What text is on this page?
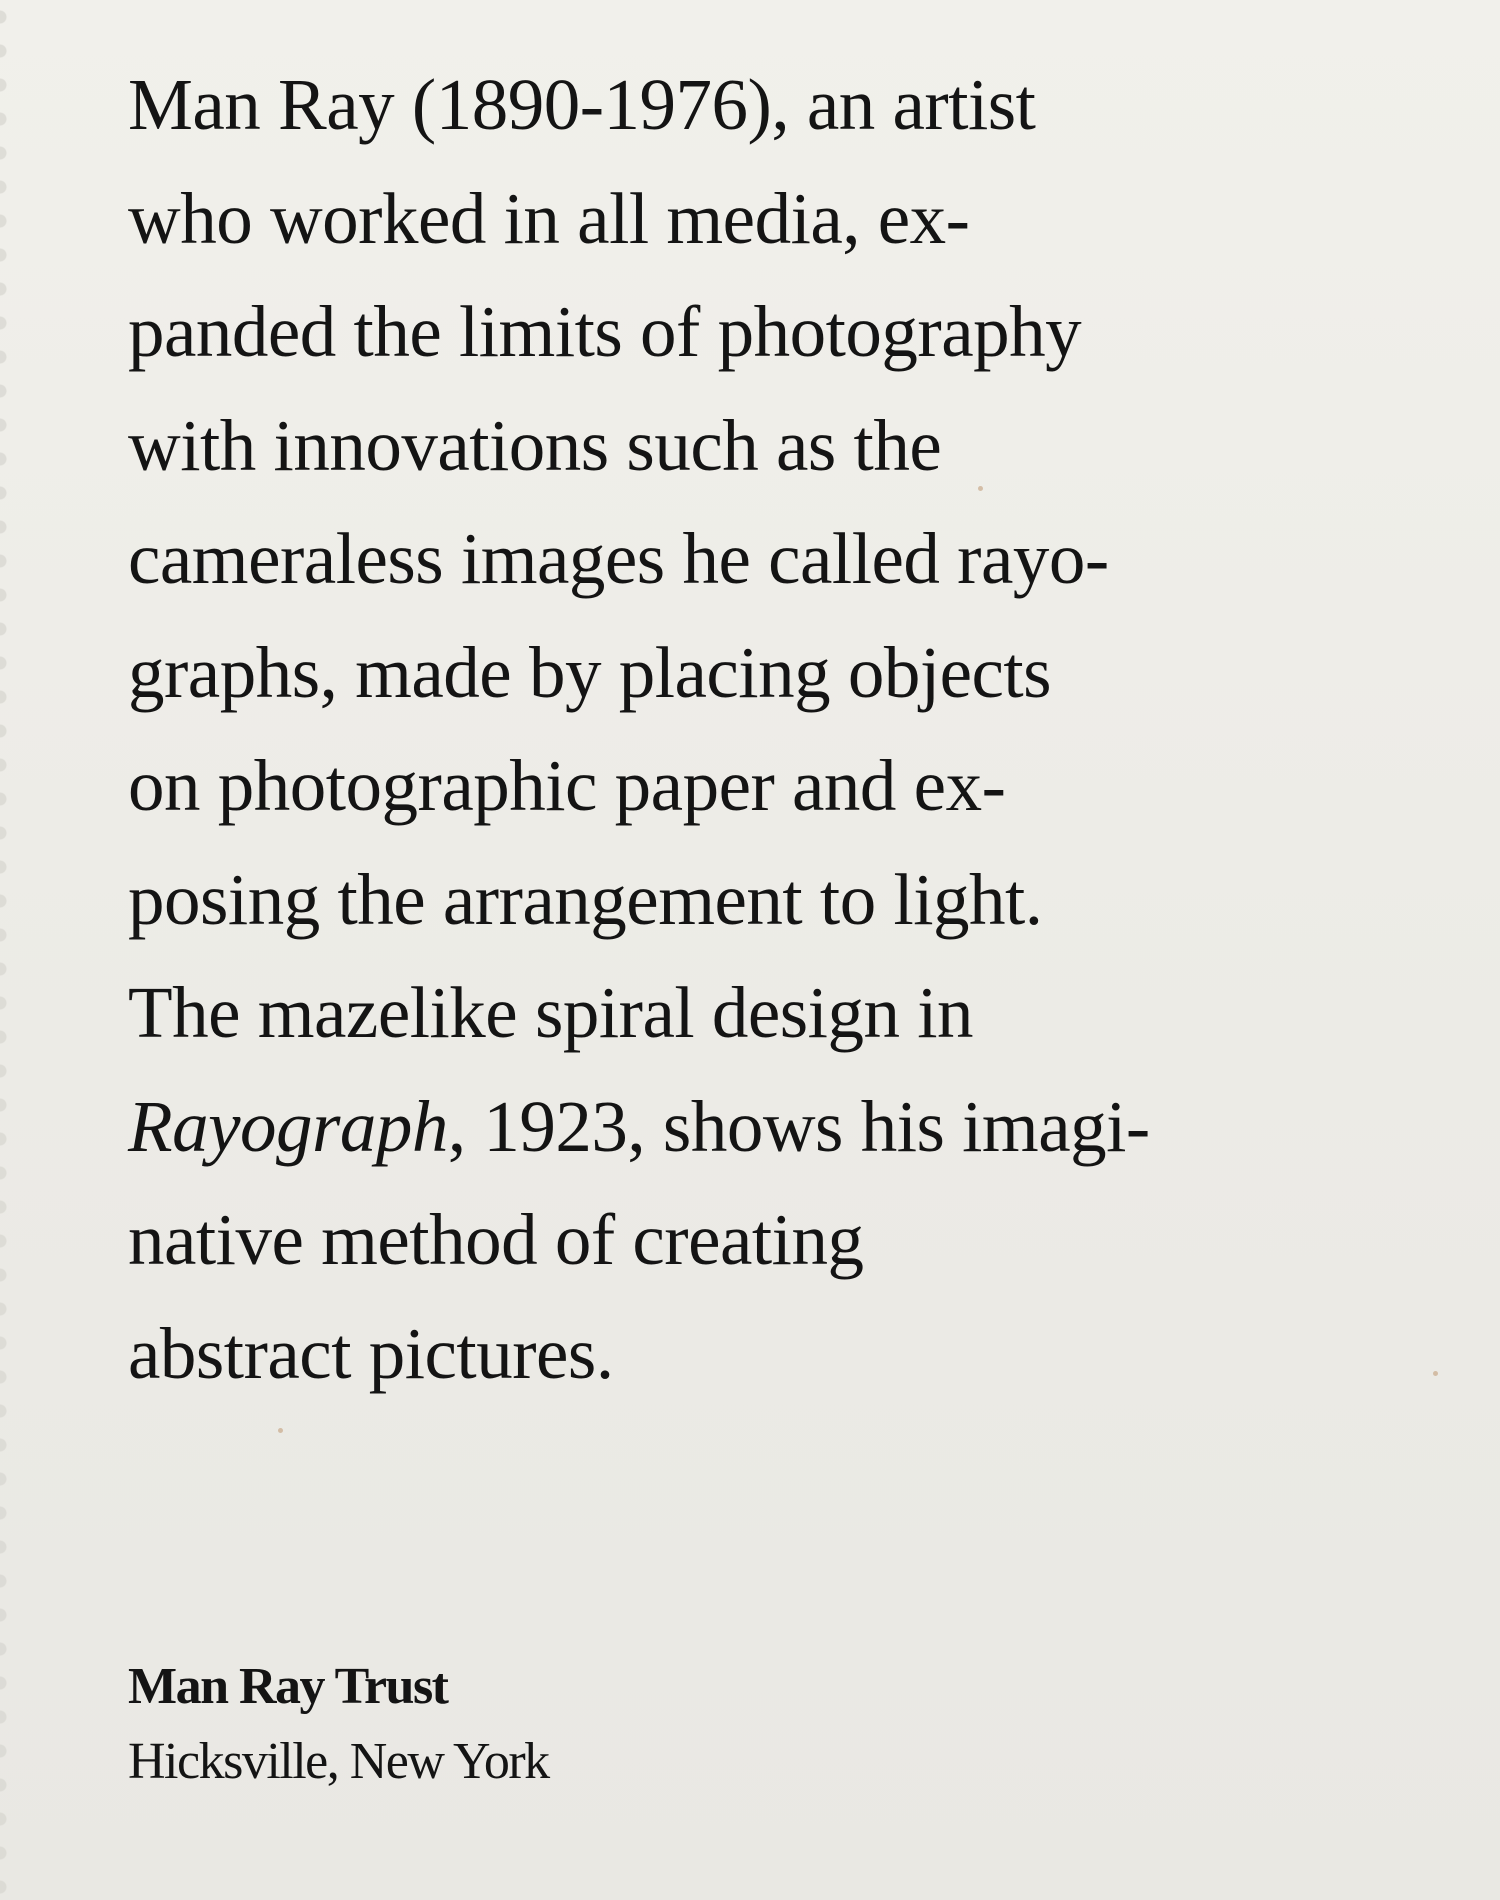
Man Ray (1890-1976), an artist
who worked in all media, ex-
panded the limits of photography
with innovations such as the
cameraless images he called rayo-
graphs, made by placing objects
on photographic paper and ex-
posing the arrangement to light.
The mazelike spiral design in
Rayograph, 1923, shows his imagi-
native method of creating
abstract pictures.
Man Ray Trust
Hicksville, New York
